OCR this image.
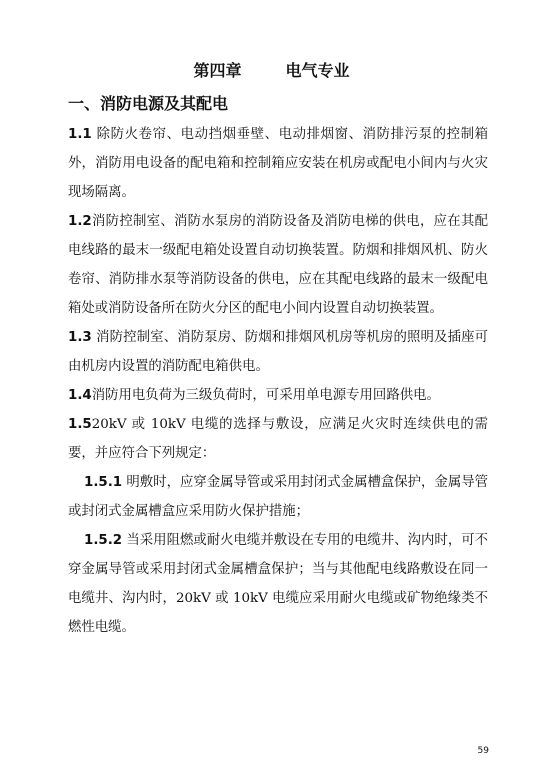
第四章	电气专业
一、消防电源及其配电

1.1 除防火卷帘、电动挡烟垂壁、电动排烟窗、消防排污泵的控制箱外，消防用电设备的配电箱和控制箱应安装在机房或配电小间内与火灾现场隔离。

1.2消防控制室、消防水泵房的消防设备及消防电梯的供电，应在其配电线路的最末一级配电箱处设置自动切换装置。防烟和排烟风机、防火卷帘、消防排水泵等消防设备的供电，应在其配电线路的最末一级配电箱处或消防设备所在防火分区的配电小间内设置自动切换装置。

1.3 消防控制室、消防泵房、防烟和排烟风机房等机房的照明及插座可由机房内设置的消防配电箱供电。

1.4消防用电负荷为三级负荷时，可采用单电源专用回路供电。

1.520kV 或 10kV 电缆的选择与敷设，应满足火灾时连续供电的需要，并应符合下列规定：

1.5.1 明敷时，应穿金属导管或采用封闭式金属槽盒保护，金属导管或封闭式金属槽盒应采用防火保护措施；

1.5.2 当采用阻燃或耐火电缆并敷设在专用的电缆井、沟内时，可不穿金属导管或采用封闭式金属槽盒保护；当与其他配电线路敷设在同一电缆井、沟内时，20kV 或 10kV 电缆应采用耐火电缆或矿物绝缘类不燃性电缆。

59
